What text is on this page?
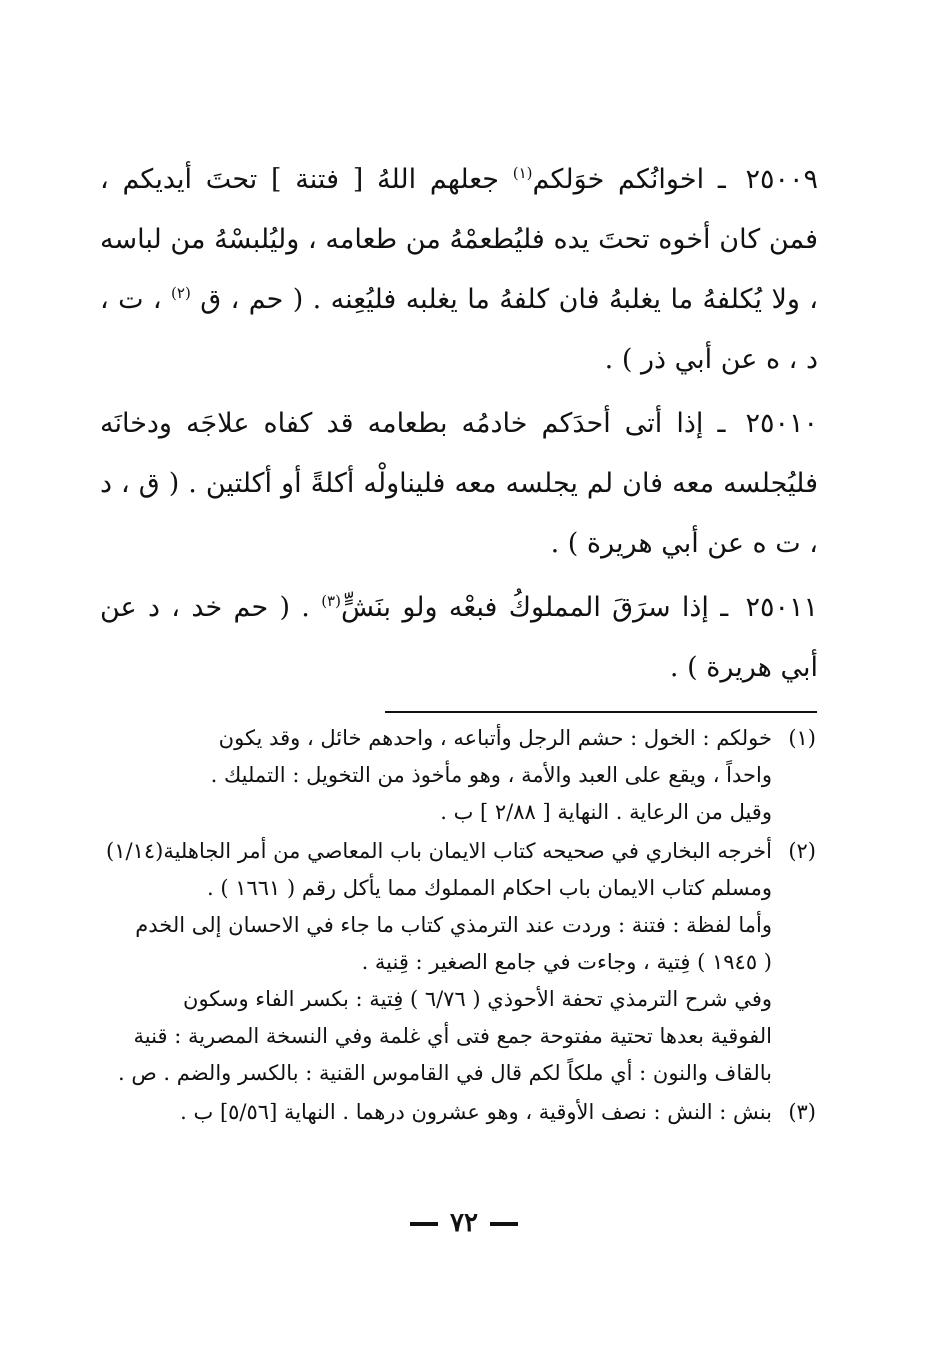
٢٥٠٠٩ ـ اخوانُكم خوَلكم$^{(١)}$ جعلهم اللهُ [ فتنة ] تحتَ أيديكم ، فمن كان أخوه تحتَ يده فليُطعمْهُ من طعامه ، وليُلبسْهُ من لباسه ، ولا يُكلفهُ ما يغلبهُ فان كلفهُ ما يغلبه فليُعِنه . ( حم ، ق $^{(٢)}$ ، ت ، د ، ه عن أبي ذر ) .

٢٥٠١٠ ـ إذا أتى أحدَكم خادمُه بطعامه قد كفاه علاجَه ودخانَه فليُجلسه معه فان لم يجلسه معه فليناولْه أكلةً أو أكلتين . ( ق ، د ، ت ه عن أبي هريرة ) .

٢٥٠١١ ـ إذا سرَقَ المملوكُ فبعْه ولو بنَشٍّ$^{(٣)}$ . ( حم خد ، د عن أبي هريرة ) .

(١)
خولكم : الخول : حشم الرجل وأتباعه ، واحدهم خائل ، وقد يكون
واحداً ، ويقع على العبد والأمة ، وهو مأخوذ من التخويل : التمليك .
وقيل من الرعاية . النهاية [ ٢/٨٨ ] ب .
(٢)
أخرجه البخاري في صحيحه كتاب الايمان باب المعاصي من أمر الجاهلية(١/١٤)
ومسلم كتاب الايمان باب احكام المملوك مما يأكل رقم ( ١٦٦١ ) .
وأما لفظة : فتنة : وردت عند الترمذي كتاب ما جاء في الاحسان إلى الخدم
( ١٩٤٥ ) فِتية ، وجاءت في جامع الصغير : قِنية .
وفي شرح الترمذي تحفة الأحوذي ( ٦/٧٦ ) فِتية : بكسر الفاء وسكون
الفوقية بعدها تحتية مفتوحة جمع فتى أي غلمة وفي النسخة المصرية : قنية
بالقاف والنون : أي ملكاً لكم قال في القاموس القنية : بالكسر والضم . ص .
(٣)
بنش : النش : نصف الأوقية ، وهو عشرون درهما . النهاية [٥/٥٦] ب .
٧٢
